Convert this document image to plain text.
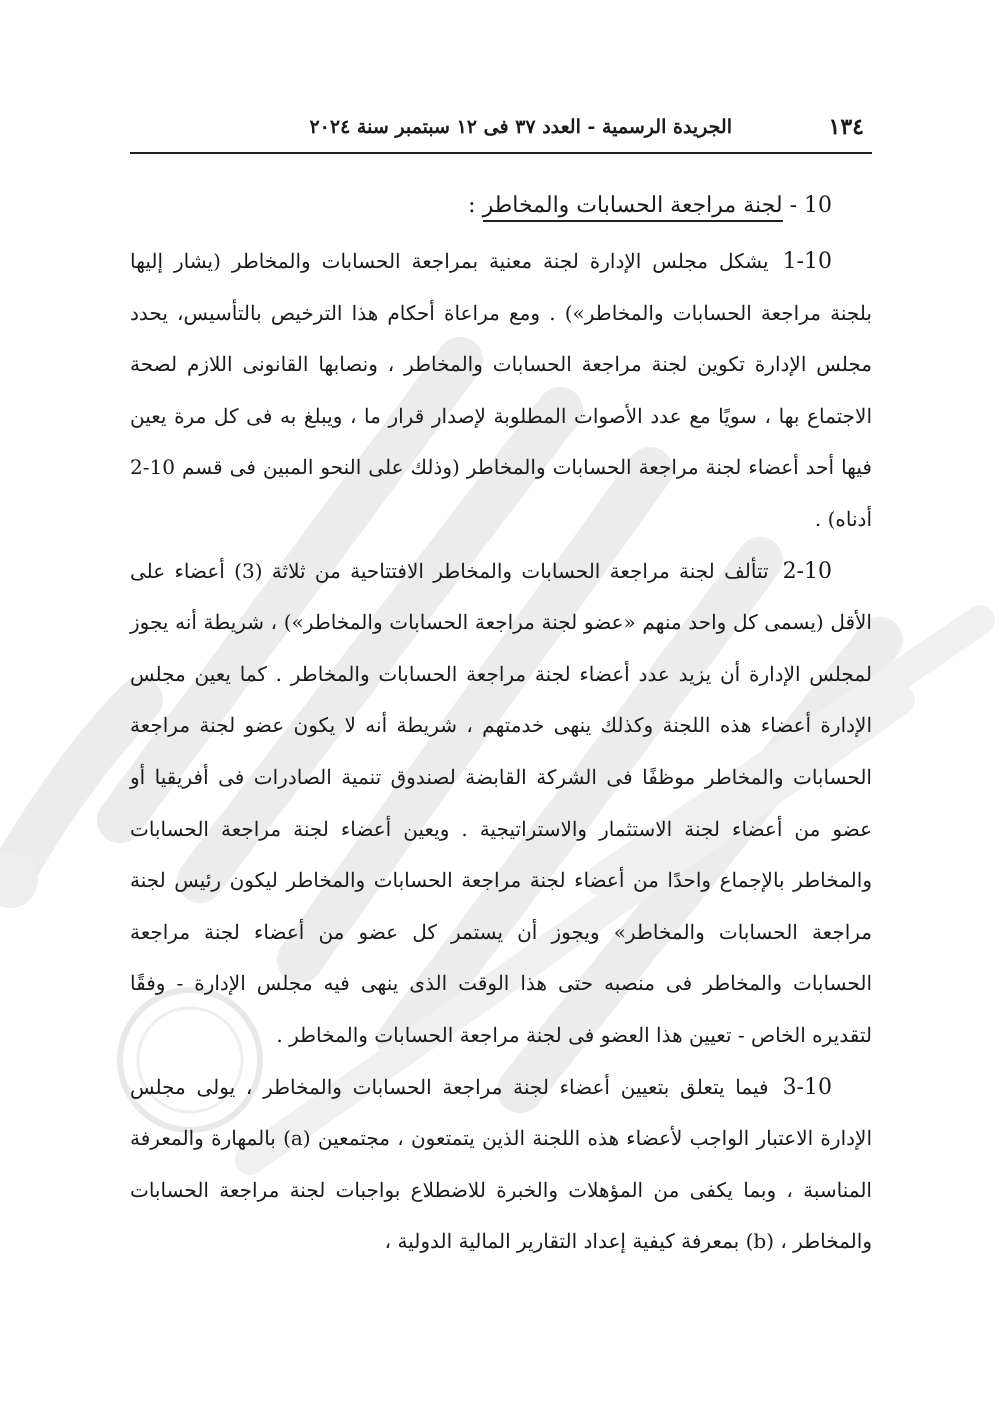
١٣٤
الجريدة الرسمية - العدد ٣٧ فى ١٢ سبتمبر سنة ٢٠٢٤
10 - لجنة مراجعة الحسابات والمخاطر :

1-10يشكل مجلس الإدارة لجنة معنية بمراجعة الحسابات والمخاطر (يشار إليها بلجنة مراجعة الحسابات والمخاطر») . ومع مراعاة أحكام هذا الترخيص بالتأسيس، يحدد مجلس الإدارة تكوين لجنة مراجعة الحسابات والمخاطر ، ونصابها القانونى اللازم لصحة الاجتماع بها ، سويًا مع عدد الأصوات المطلوبة لإصدار قرار ما ، ويبلغ به فى كل مرة يعين فيها أحد أعضاء لجنة مراجعة الحسابات والمخاطر (وذلك على النحو المبين فى قسم 10-2 أدناه) .

2-10تتألف لجنة مراجعة الحسابات والمخاطر الافتتاحية من ثلاثة (3) أعضاء على الأقل (يسمى كل واحد منهم «عضو لجنة مراجعة الحسابات والمخاطر») ، شريطة أنه يجوز لمجلس الإدارة أن يزيد عدد أعضاء لجنة مراجعة الحسابات والمخاطر . كما يعين مجلس الإدارة أعضاء هذه اللجنة وكذلك ينهى خدمتهم ، شريطة أنه لا يكون عضو لجنة مراجعة الحسابات والمخاطر موظفًا فى الشركة القابضة لصندوق تنمية الصادرات فى أفريقيا أو عضو من أعضاء لجنة الاستثمار والاستراتيجية . ويعين أعضاء لجنة مراجعة الحسابات والمخاطر بالإجماع واحدًا من أعضاء لجنة مراجعة الحسابات والمخاطر ليكون رئيس لجنة مراجعة الحسابات والمخاطر» ويجوز أن يستمر كل عضو من أعضاء لجنة مراجعة الحسابات والمخاطر فى منصبه حتى هذا الوقت الذى ينهى فيه مجلس الإدارة - وفقًا لتقديره الخاص - تعيين هذا العضو فى لجنة مراجعة الحسابات والمخاطر .

3-10فيما يتعلق بتعيين أعضاء لجنة مراجعة الحسابات والمخاطر ، يولى مجلس الإدارة الاعتبار الواجب لأعضاء هذه اللجنة الذين يتمتعون ، مجتمعين (a) بالمهارة والمعرفة المناسبة ، وبما يكفى من المؤهلات والخبرة للاضطلاع بواجبات لجنة مراجعة الحسابات والمخاطر ، (b) بمعرفة كيفية إعداد التقارير المالية الدولية ،
